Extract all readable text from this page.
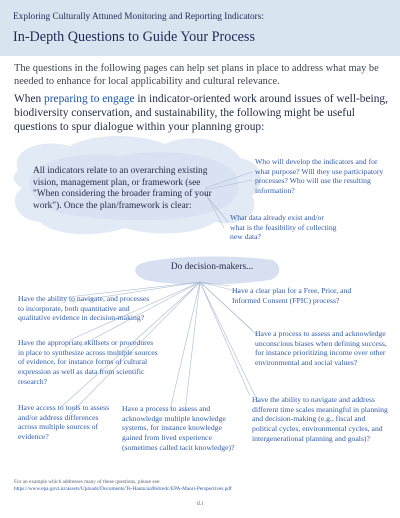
Exploring Culturally Attuned Monitoring and Reporting Indicators:
In-Depth Questions to Guide Your Process
The questions in the following pages can help set plans in place to address what may be needed to enhance for local applicability and cultural relevance.
When preparing to engage in indicator-oriented work around issues of well-being, biodiversity conservation, and sustainability, the following might be useful questions to spur dialogue within your planning group:
All indicators relate to an overarching existing vision, management plan, or framework (see "When considering the broader framing of your work"). Once the plan/framework is clear:
Who will develop the indicators and for what purpose? Will they use participatory processes? Who will use the resulting information?
What data already exist and/or what is the feasibility of collecting new data?
Do decision-makers...
Have the ability to navigate, and processes to incorporate, both quantitative and qualitative evidence in decision-making?
Have the appropriate skillsets or procedures in place to synthesize across multiple sources of evidence, for instance forms of cultural expression as well as data from scientific research?
Have access to tools to assess and/or address differences across multiple sources of evidence?
Have a process to assess and acknowledge multiple knowledge systems, for instance knowledge gained from lived experience (sometimes called tacit knowledge)?
Have a clear plan for a Free, Prior, and Informed Consent (FPIC) process?
Have a process to assess and acknowledge unconscious biases when defining success, for instance prioritizing income over other environmental and social values?
Have the ability to navigate and address different time scales meaningful in planning and decision-making (e.g., fiscal and political cycles, environmental cycles, and intergenerational planning and goals)?
For an example which addresses many of these questions, please see:
https://www.epa.govt.nz/assets/Uploads/Documents/Te-Hautu/aa9bdcedc/EPA-Maori-Perspectives.pdf
d.i
